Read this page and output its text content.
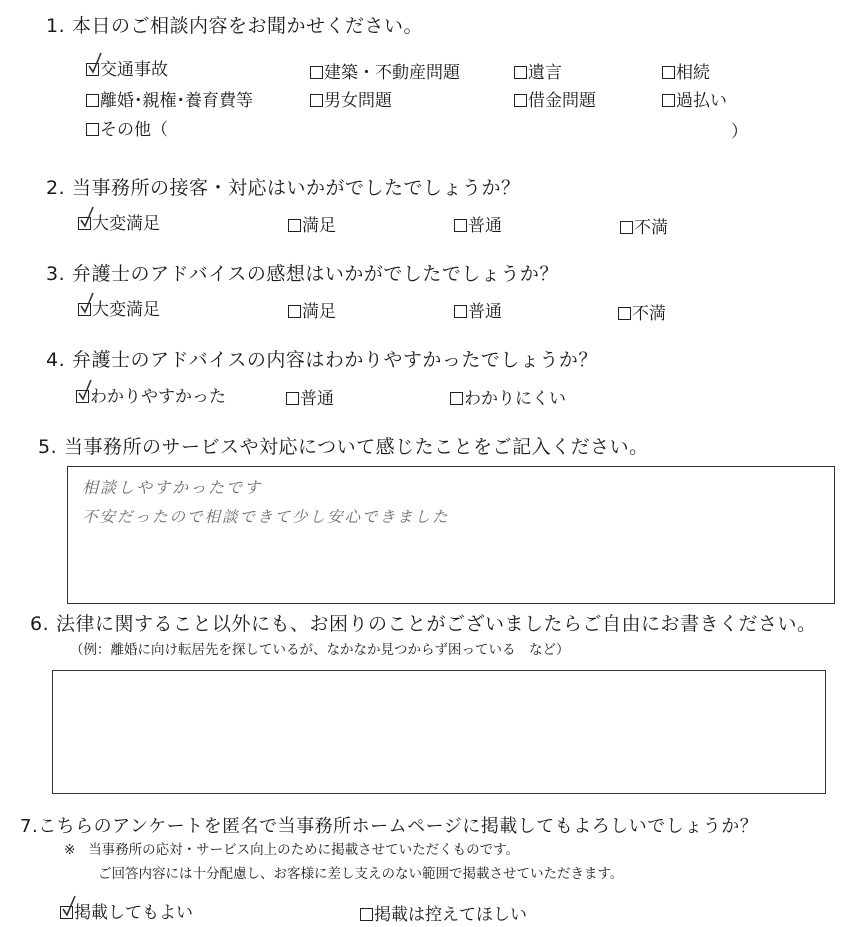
1. 本日のご相談内容をお聞かせください。
交通事故	建築・不動産問題	遺言	相続
離婚･親権･養育費等	男女問題	借金問題	過払い
その他（	）
2. 当事務所の接客・対応はいかがでしたでしょうか？
大変満足	満足	普通	不満
3. 弁護士のアドバイスの感想はいかがでしたでしょうか？
大変満足	満足	普通	不満
4. 弁護士のアドバイスの内容はわかりやすかったでしょうか？
わかりやすかった	普通	わかりにくい
5. 当事務所のサービスや対応について感じたことをご記入ください。
相談しやすかったです
不安だったので相談できて少し安心できました
6. 法律に関すること以外にも、お困りのことがございましたらご自由にお書きください。
（例：離婚に向け転居先を探しているが、なかなか見つからず困っている　など）
7.こちらのアンケートを匿名で当事務所ホームページに掲載してもよろしいでしょうか？
※ 当事務所の応対・サービス向上のために掲載させていただくものです。
ご回答内容には十分配慮し、お客様に差し支えのない範囲で掲載させていただきます。
掲載してもよい	掲載は控えてほしい
